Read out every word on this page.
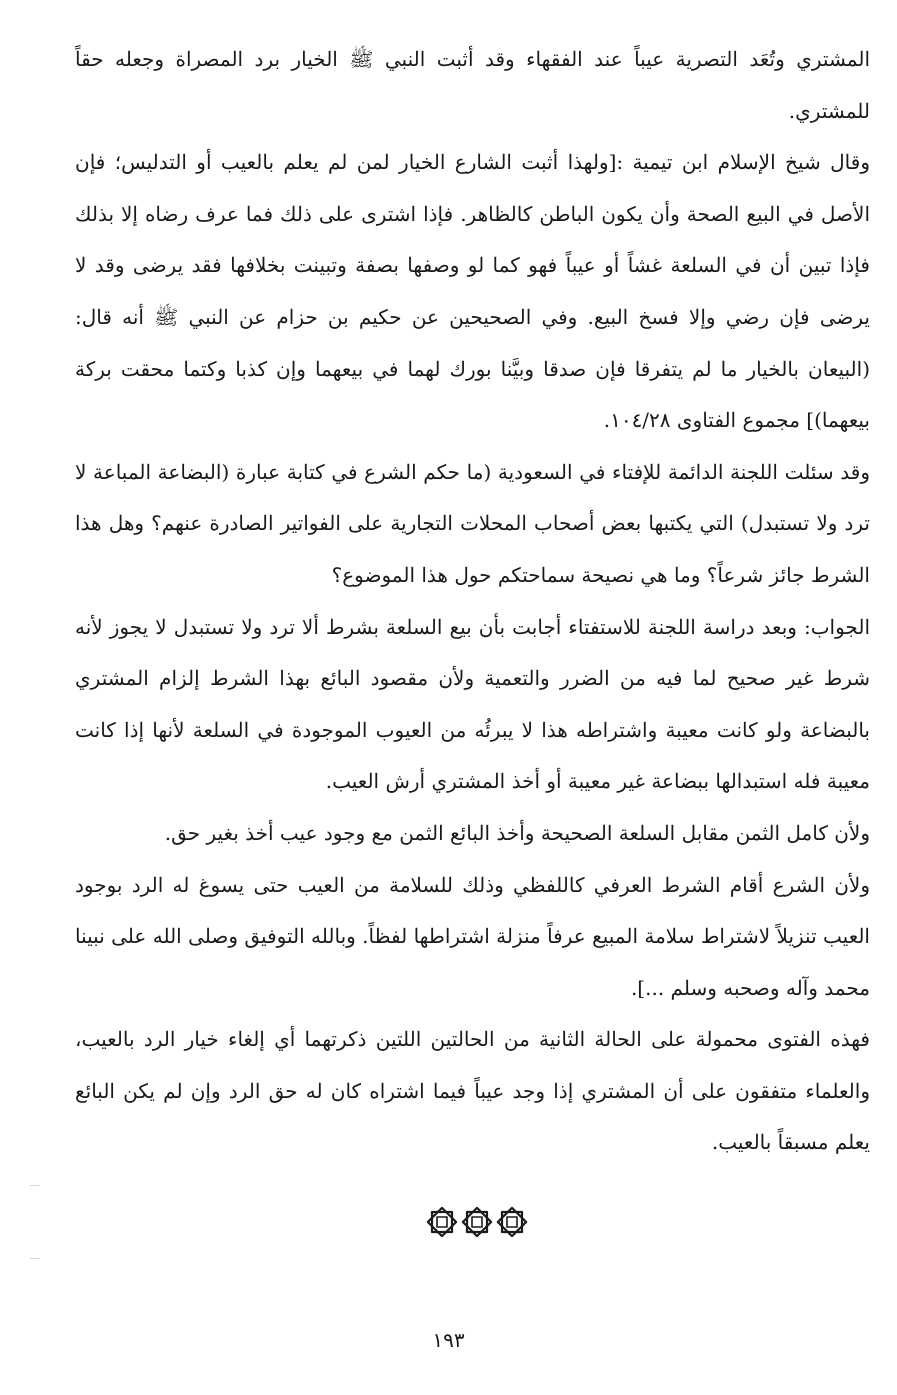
المشتري وتُعَد التصرية عيباً عند الفقهاء وقد أثبت النبي ﷺ الخيار برد المصراة وجعله حقاً للمشتري.

وقال شيخ الإسلام ابن تيمية :[ولهذا أثبت الشارع الخيار لمن لم يعلم بالعيب أو التدليس؛ فإن الأصل في البيع الصحة وأن يكون الباطن كالظاهر. فإذا اشترى على ذلك فما عرف رضاه إلا بذلك فإذا تبين أن في السلعة غشاً أو عيباً فهو كما لو وصفها بصفة وتبينت بخلافها فقد يرضى وقد لا يرضى فإن رضي وإلا فسخ البيع. وفي الصحيحين عن حكيم بن حزام عن النبي ﷺ أنه قال:(البيعان بالخيار ما لم يتفرقا فإن صدقا وبيَّنا بورك لهما في بيعهما وإن كذبا وكتما محقت بركة بيعهما)] مجموع الفتاوى ١٠٤/٢٨.

وقد سئلت اللجنة الدائمة للإفتاء في السعودية (ما حكم الشرع في كتابة عبارة (البضاعة المباعة لا ترد ولا تستبدل) التي يكتبها بعض أصحاب المحلات التجارية على الفواتير الصادرة عنهم؟ وهل هذا الشرط جائز شرعاً؟ وما هي نصيحة سماحتكم حول هذا الموضوع؟

الجواب: وبعد دراسة اللجنة للاستفتاء أجابت بأن بيع السلعة بشرط ألا ترد ولا تستبدل لا يجوز لأنه شرط غير صحيح لما فيه من الضرر والتعمية ولأن مقصود البائع بهذا الشرط إلزام المشتري بالبضاعة ولو كانت معيبة واشتراطه هذا لا يبرئُه من العيوب الموجودة في السلعة لأنها إذا كانت معيبة فله استبدالها ببضاعة غير معيبة أو أخذ المشتري أرش العيب.

ولأن كامل الثمن مقابل السلعة الصحيحة وأخذ البائع الثمن مع وجود عيب أخذ بغير حق.

ولأن الشرع أقام الشرط العرفي كاللفظي وذلك للسلامة من العيب حتى يسوغ له الرد بوجود العيب تنزيلاً لاشتراط سلامة المبيع عرفاً منزلة اشتراطها لفظاً. وبالله التوفيق وصلى الله على نبينا محمد وآله وصحبه وسلم ...].

فهذه الفتوى محمولة على الحالة الثانية من الحالتين اللتين ذكرتهما أي إلغاء خيار الرد بالعيب، والعلماء متفقون على أن المشتري إذا وجد عيباً فيما اشتراه كان له حق الرد وإن لم يكن البائع يعلم مسبقاً بالعيب.

١٩٣
